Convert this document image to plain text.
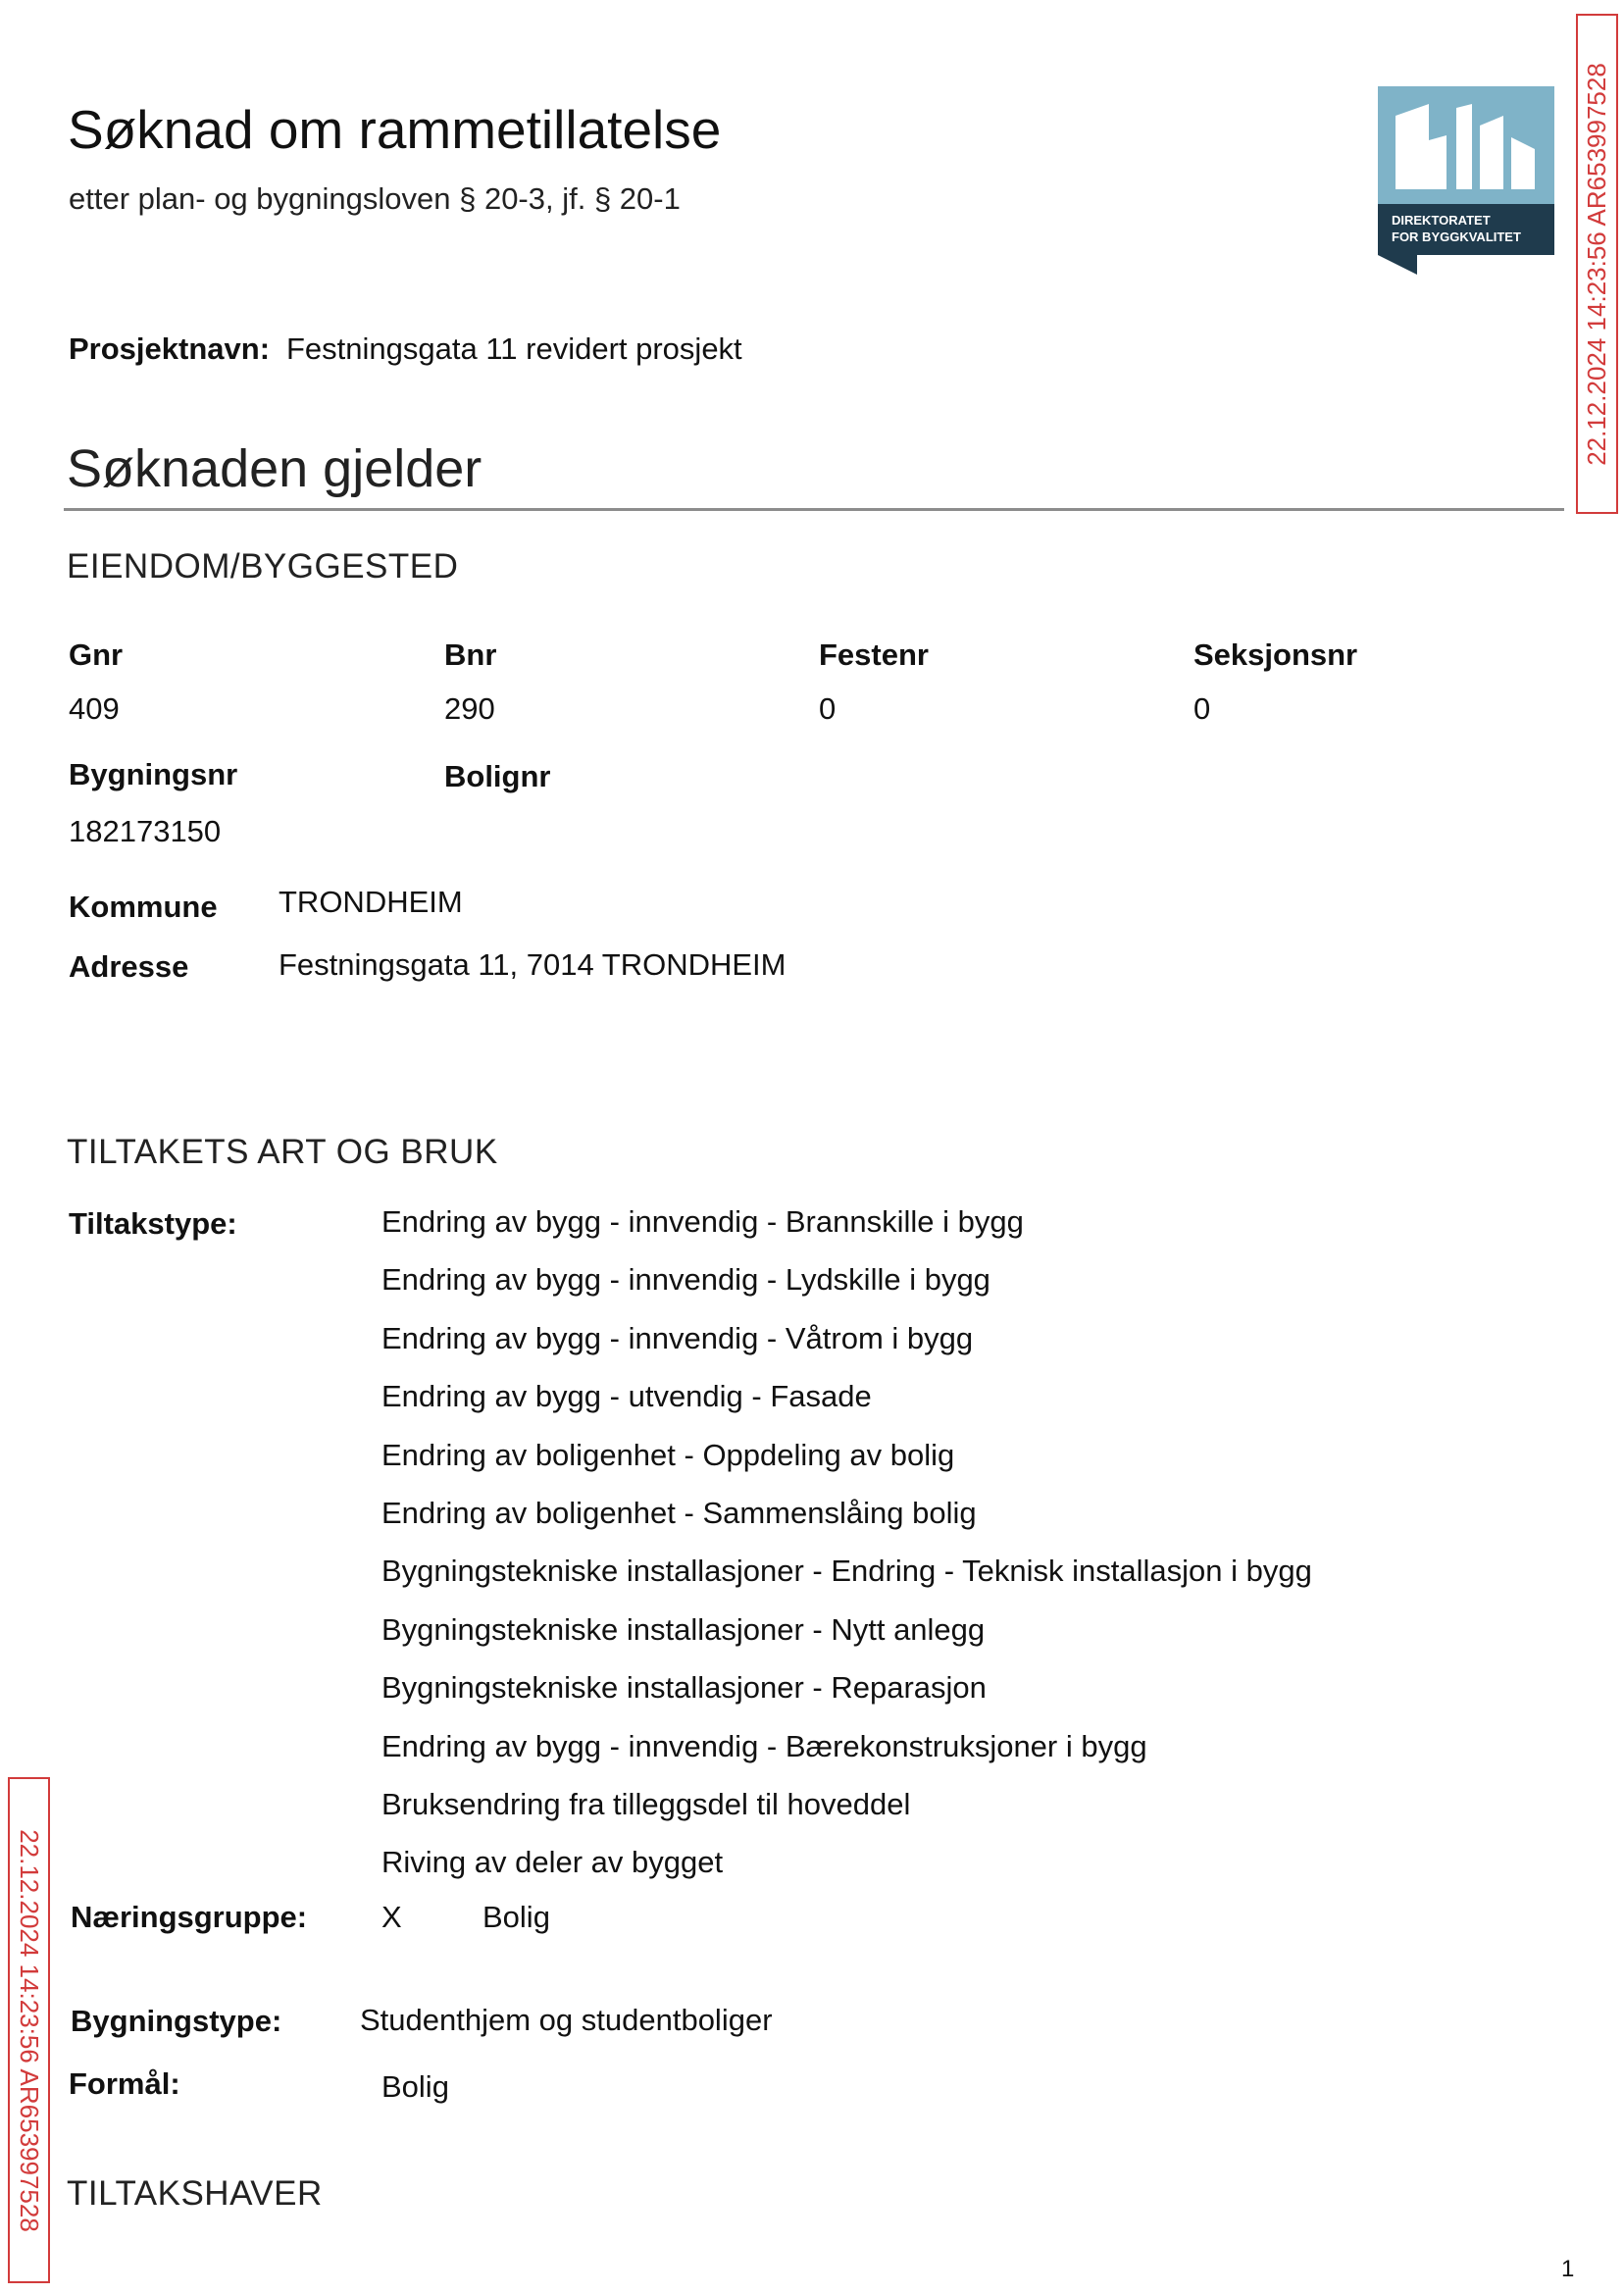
Søknad om rammetillatelse
etter plan- og bygningsloven § 20-3, jf. § 20-1
DIREKTORATET
FOR BYGGKVALITET
Prosjektnavn: Festningsgata 11 revidert prosjekt
Søknaden gjelder
EIENDOM/BYGGESTED
Gnr
409
Bnr
290
Festenr
0
Seksjonsnr
0
Bygningsnr
182173150
Bolignr
Kommune TRONDHEIM
Adresse	Festningsgata 11, 7014 TRONDHEIM
TILTAKETS ART OG BRUK
Tiltakstype:	Endring av bygg - innvendig - Brannskille i bygg
Endring av bygg - innvendig - Lydskille i bygg
Endring av bygg - innvendig - Våtrom i bygg
Endring av bygg - utvendig - Fasade
Endring av boligenhet - Oppdeling av bolig
Endring av boligenhet - Sammenslåing bolig
Bygningstekniske installasjoner - Endring - Teknisk installasjon i bygg
Bygningstekniske installasjoner - Nytt anlegg
Bygningstekniske installasjoner - Reparasjon
Endring av bygg - innvendig - Bærekonstruksjoner i bygg
Bruksendring fra tilleggsdel til hoveddel
Riving av deler av bygget
Næringsgruppe: X	Bolig
Bygningstype:	Studenthjem og studentboliger
Formål:	Bolig
TILTAKSHAVER
22.12.2024 14:23:56 AR653997528
22.12.2024 14:23:56 AR653997528
1
